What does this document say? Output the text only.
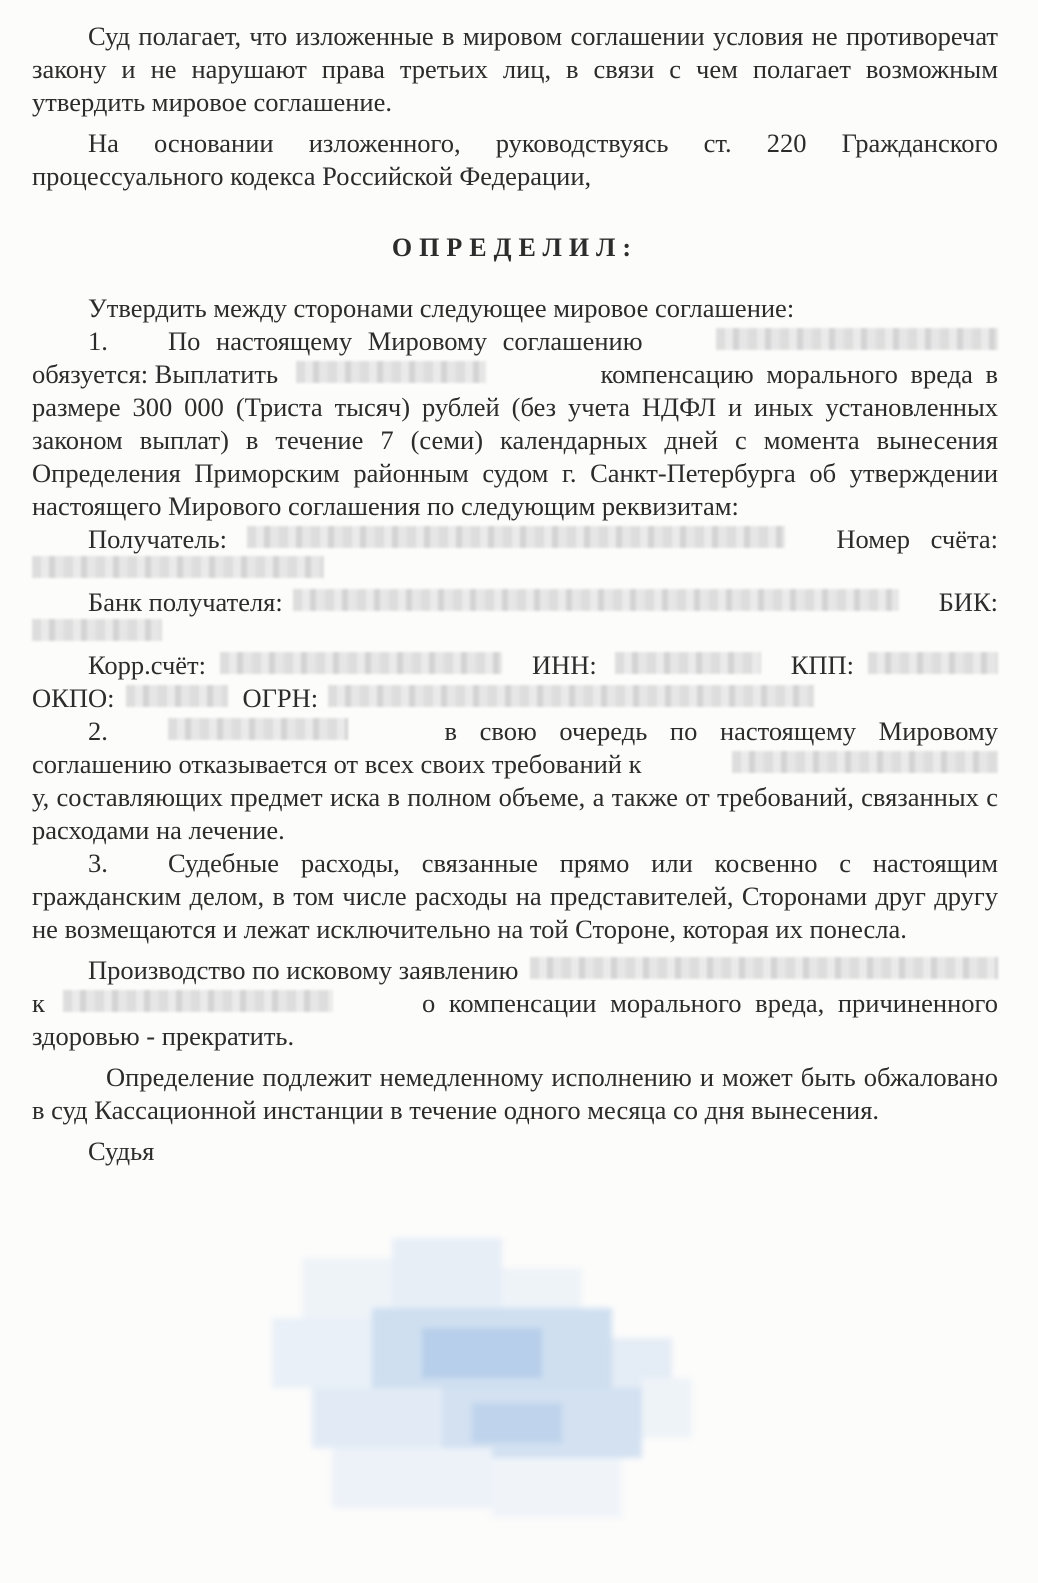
Суд полагает, что изложенные в мировом соглашении условия не противоречат закону и не нарушают права третьих лиц, в связи с чем полагает возможным утвердить мировое соглашение.

На основании изложенного, руководствуясь ст. 220 Гражданского процессуального кодекса Российской Федерации,

ОПРЕДЕЛИЛ:

Утвердить между сторонами следующее мировое соглашение:

1.	По настоящему Мировому соглашению
обязуется: Выплатить	компенсацию морального вреда в

размере 300 000 (Триста тысяч) рублей (без учета НДФЛ и иных установленных законом выплат) в течение 7 (семи) календарных дней с момента вынесения Определения Приморским районным судом г. Санкт-Петербурга об утверждении настоящего Мирового соглашения по следующим реквизитам:

Получатель:	Номер счёта:
Банк получателя:	БИК:
Корр.счёт:	ИНН:	КПП:
ОКПО:	ОГРН:
2.	в свою очередь по настоящему Мировому
соглашению отказывается от всех своих требований к

у, составляющих предмет иска в полном объеме, а также от требований, связанных с расходами на лечение.

3. Судебные расходы, связанные прямо или косвенно с настоящим гражданским делом, в том числе расходы на представителей, Сторонами друг другу не возмещаются и лежат исключительно на той Стороне, которая их понесла.

Производство по исковому заявлению
к	о компенсации морального вреда, причиненного

здоровью - прекратить.

Определение подлежит немедленному исполнению и может быть обжаловано в суд Кассационной инстанции в течение одного месяца со дня вынесения.

Судья
